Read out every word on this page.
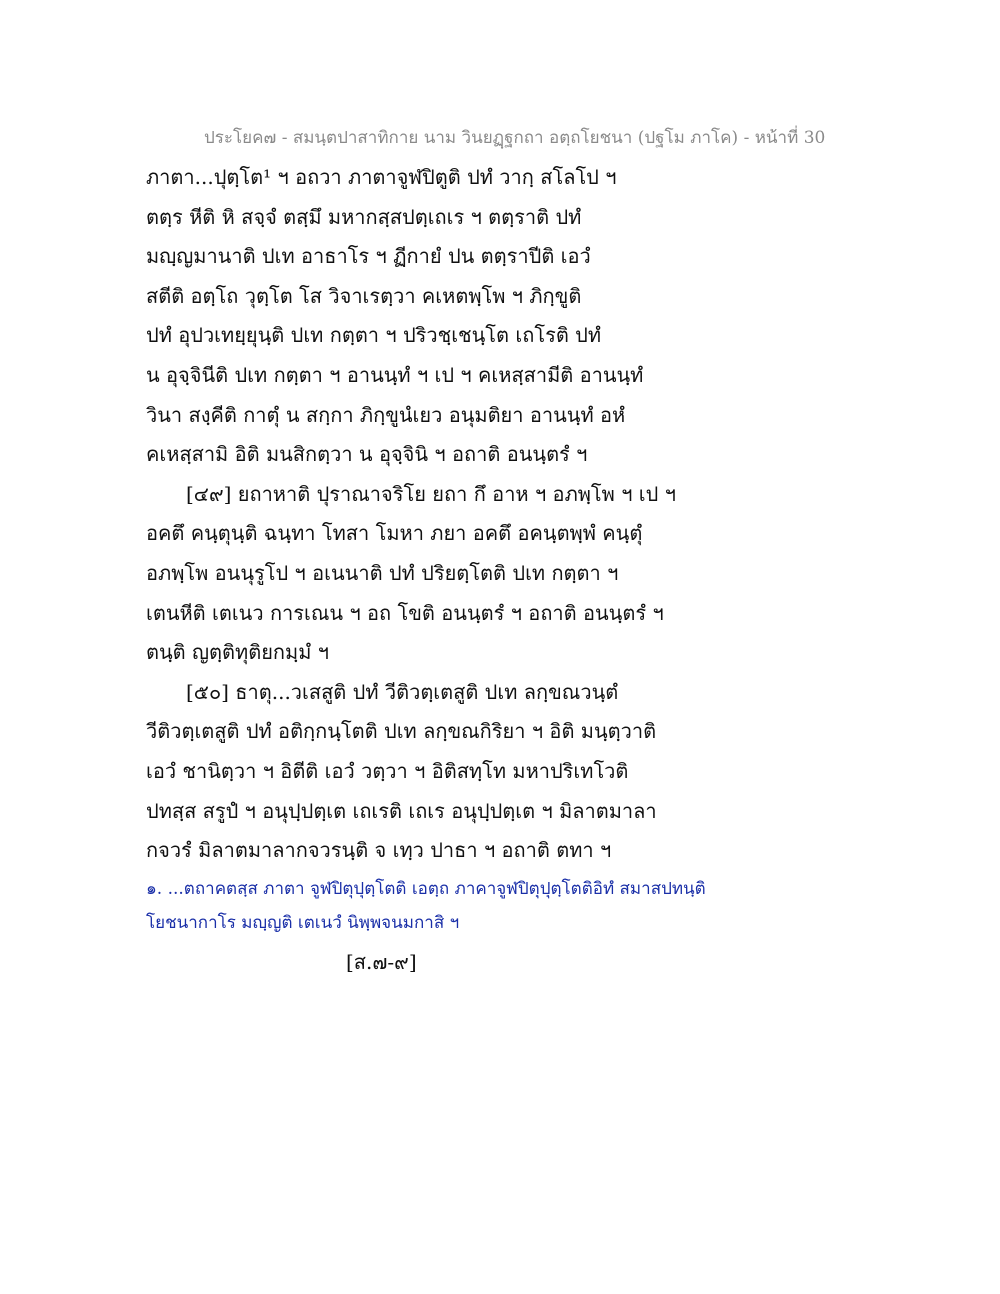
ประโยค๗ - สมนฺตปาสาทิกาย นาม วินยฏฺฐกถา อตฺถโยชนา (ปฐโม ภาโค) - หน้าที่ 30
ภาตา...ปุตฺโต¹ ฯ อถวา ภาตาจูฬปิตูติ ปทํ วากฺ สโลโป ฯ
ตตฺร หีติ หิ สจฺจํ ตสฺมึ มหากสฺสปตฺเถเร ฯ ตตฺราติ ปทํ
มญฺญมานาติ ปเท อาธาโร ฯ ฏีกายํ ปน ตตฺราปีติ เอวํ
สตีติ อตฺโถ วุตฺโต โส วิจาเรตฺวา คเหตพฺโพ ฯ ภิกฺขูติ
ปทํ อุปวเทยฺยุนฺติ ปเท กตฺตา ฯ ปริวชฺเชนฺโต เถโรติ ปทํ
น อุจฺจินีติ ปเท กตฺตา ฯ อานนฺทํ ฯ เป ฯ คเหสฺสามีติ อานนฺทํ
วินา สงฺคีติ กาตุํ น สกฺกา ภิกฺขูนํเยว อนุมติยา อานนฺทํ อหํ
คเหสฺสามิ อิติ มนสิกตฺวา น อุจฺจินิ ฯ อถาติ อนนฺตรํ ฯ
[๔๙] ยถาหาติ ปุราณาจริโย ยถา กึ อาห ฯ อภพฺโพ ฯ เป ฯ
อคตึ คนฺตุนฺติ ฉนฺทา โทสา โมหา ภยา อคตึ อคนฺตพฺพํ คนฺตุํ
อภพฺโพ อนนุรูโป ฯ อเนนาติ ปทํ ปริยตฺโตติ ปเท กตฺตา ฯ
เตนหีติ เตเนว การเณน ฯ อถ โขติ อนนฺตรํ ฯ อถาติ อนนฺตรํ ฯ
ตนฺติ ญตฺติทุติยกมฺมํ ฯ
[๕๐] ธาตุ...วเสสูติ ปทํ วีติวตฺเตสูติ ปเท ลกฺขณวนฺตํ
วีติวตฺเตสูติ ปทํ อติกฺกนฺโตติ ปเท ลกฺขณกิริยา ฯ อิติ มนฺตฺวาติ
เอวํ ชานิตฺวา ฯ อิตีติ เอวํ วตฺวา ฯ อิติสทฺโท มหาปริเทโวติ
ปทสฺส สรูปํ ฯ อนุปฺปตฺเต เถเรติ เถเร อนุปฺปตฺเต ฯ มิลาตมาลา
กจวรํ มิลาตมาลากจวรนฺติ จ เทฺว ปาธา ฯ อถาติ ตทา ฯ
๑. ...ตถาคตสฺส ภาตา จูฬปิตุปุตฺโตติ เอตฺถ ภาคาจูฬปิตุปุตฺโตติอิทํ สมาสปทนฺติ
โยชนากาโร มญฺญติ เตเนวํ นิพฺพจนมกาสิ ฯ
[ส.๗-๙]
